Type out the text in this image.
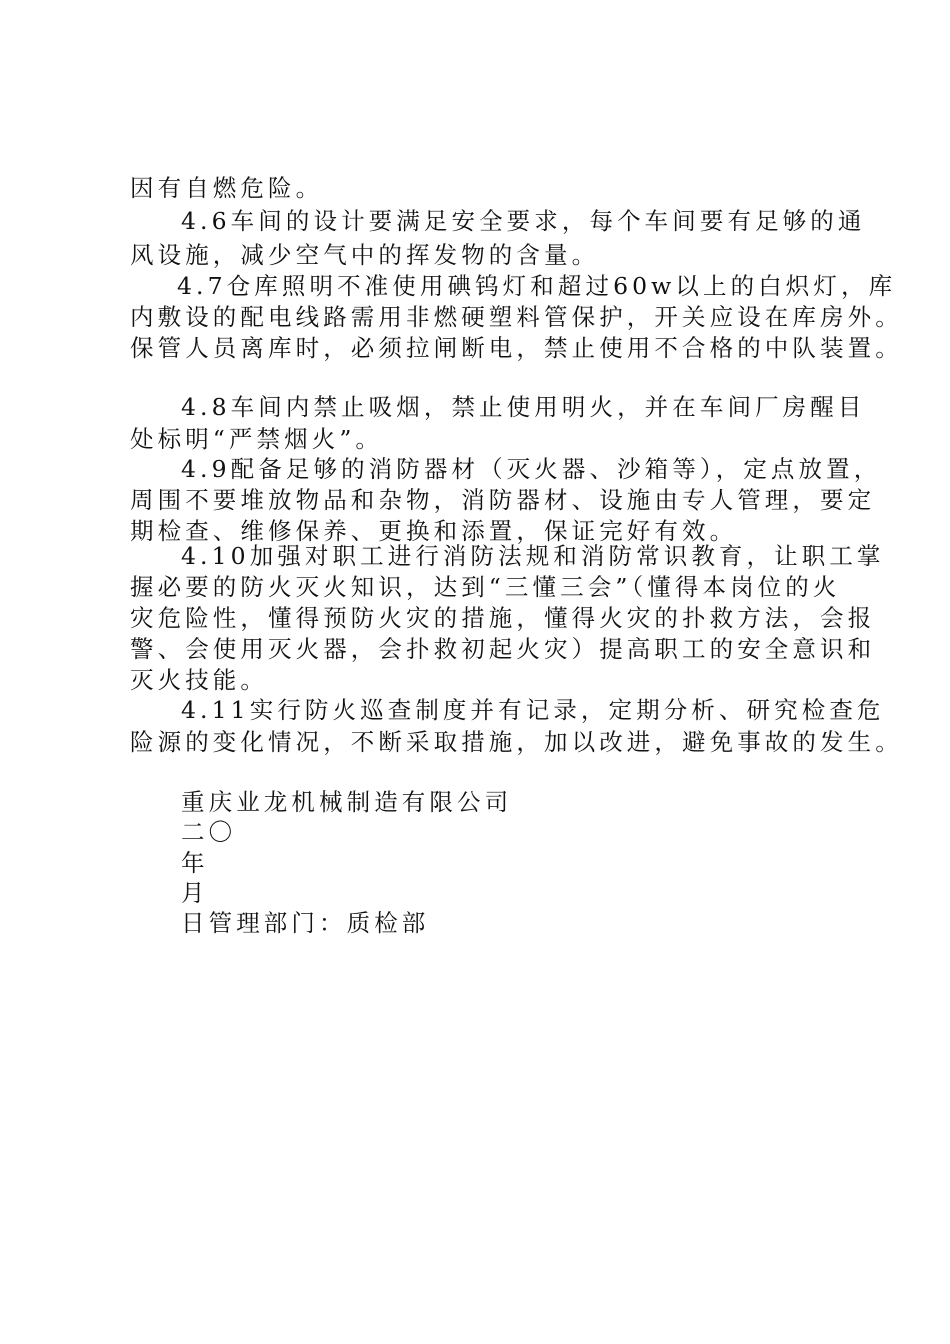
因有自燃危险。
4.6车间的设计要满足安全要求，每个车间要有足够的通
风设施，减少空气中的挥发物的含量。
4.7仓库照明不准使用碘钨灯和超过60w以上的白炽灯，库
内敷设的配电线路需用非燃硬塑料管保护，开关应设在库房外。
保管人员离库时，必须拉闸断电，禁止使用不合格的中队装置。
4.8车间内禁止吸烟，禁止使用明火，并在车间厂房醒目
处标明“严禁烟火”。
4.9配备足够的消防器材（灭火器、沙箱等），定点放置，
周围不要堆放物品和杂物，消防器材、设施由专人管理，要定
期检查、维修保养、更换和添置，保证完好有效。
4.10加强对职工进行消防法规和消防常识教育，让职工掌
握必要的防火灭火知识，达到“三懂三会”（懂得本岗位的火
灾危险性，懂得预防火灾的措施，懂得火灾的扑救方法，会报
警、会使用灭火器，会扑救初起火灾）提高职工的安全意识和
灭火技能。
4.11实行防火巡查制度并有记录，定期分析、研究检查危
险源的变化情况，不断采取措施，加以改进，避免事故的发生。
重庆业龙机械制造有限公司
二〇
年
月
日管理部门：质检部
